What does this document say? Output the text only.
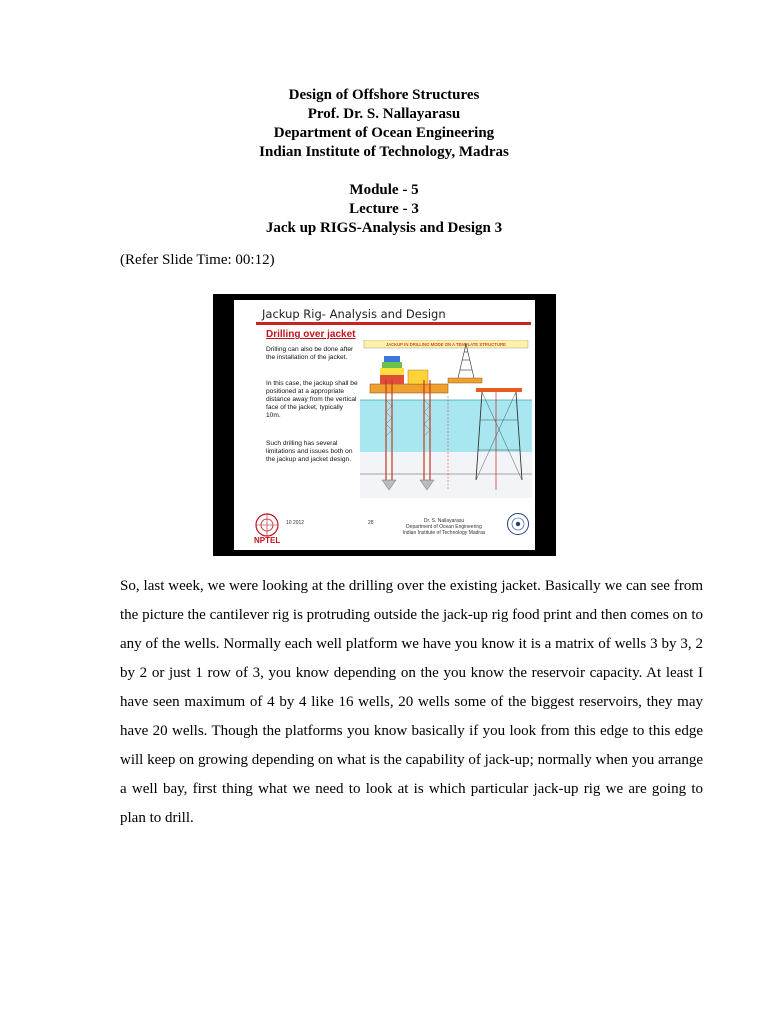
Design of Offshore Structures
Prof. Dr. S. Nallayarasu
Department of Ocean Engineering
Indian Institute of Technology, Madras
Module - 5
Lecture - 3
Jack up RIGS-Analysis and Design 3
(Refer Slide Time: 00:12)
Jackup Rig- Analysis and Design
Drilling over jacket
Drilling can also be done after the installation of the jacket.
In this case, the jackup shall be positioned at a appropriate distance away from the vertical face of the jacket, typically 10m.
Such drilling has several limitations and issues both on the jackup and jacket design.
JACKUP IN DRILLING MODE ON A TEMPLATE STRUCTURE
10 2012	28	Dr. S. Nallayarasu
Department of Ocean Engineering
Indian Institute of Technology Madras
NPTEL
So, last week, we were looking at the drilling over the existing jacket. Basically we can see from the picture the cantilever rig is protruding outside the jack-up rig food print and then comes on to any of the wells. Normally each well platform we have you know it is a matrix of wells 3 by 3, 2 by 2 or just 1 row of 3, you know depending on the you know the reservoir capacity. At least I have seen maximum of 4 by 4 like 16 wells, 20 wells some of the biggest reservoirs, they may have 20 wells. Though the platforms you know basically if you look from this edge to this edge will keep on growing depending on what is the capability of jack-up; normally when you arrange a well bay, first thing what we need to look at is which particular jack-up rig we are going to plan to drill.
